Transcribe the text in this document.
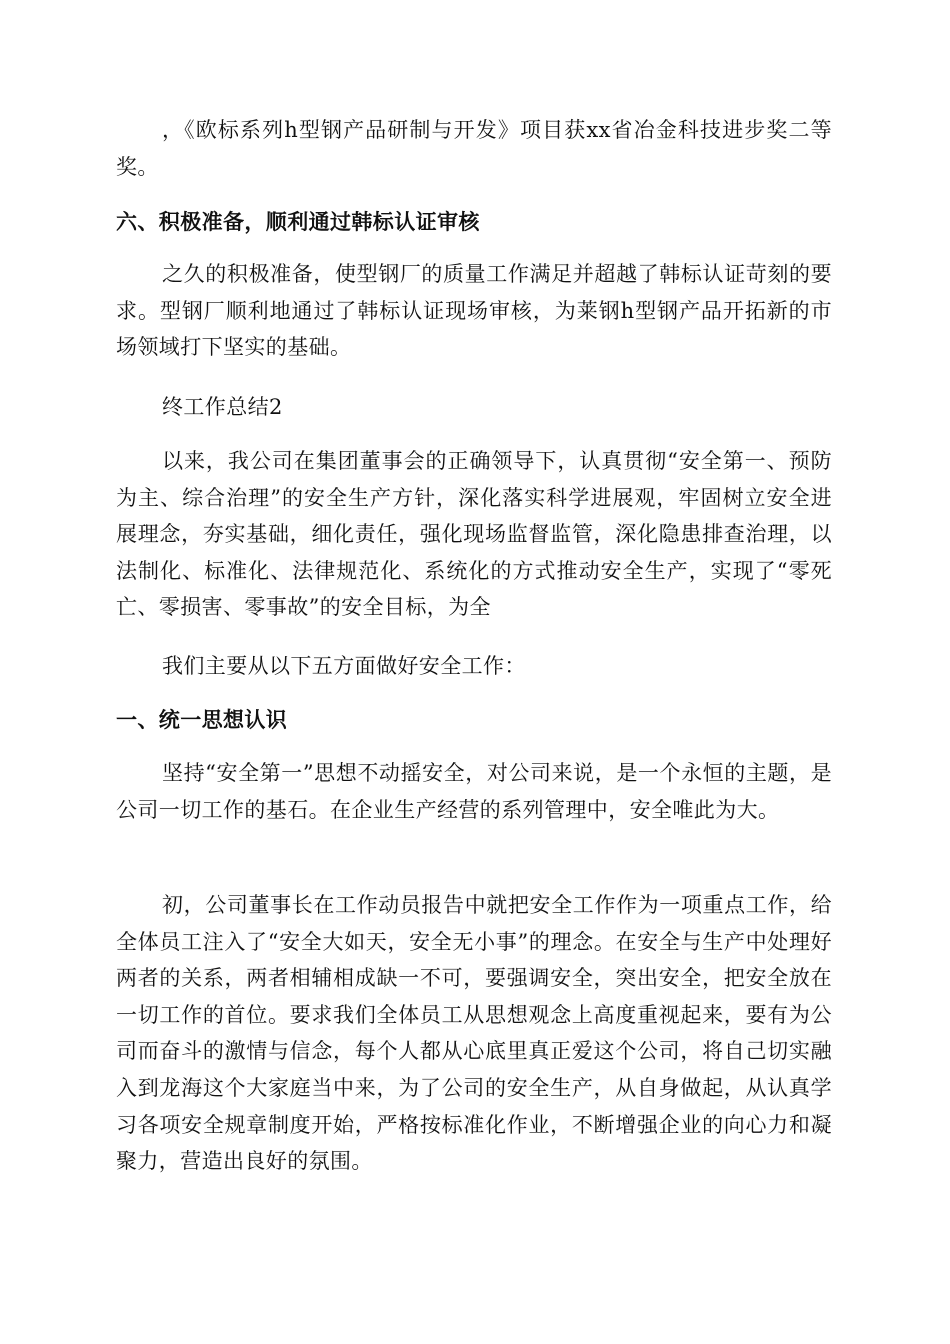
，《欧标系列h型钢产品研制与开发》项目获xx省冶金科技进步奖二等奖。

六、积极准备，顺利通过韩标认证审核

之久的积极准备，使型钢厂的质量工作满足并超越了韩标认证苛刻的要求。型钢厂顺利地通过了韩标认证现场审核，为莱钢h型钢产品开拓新的市场领域打下坚实的基础。

终工作总结2

以来，我公司在集团董事会的正确领导下，认真贯彻“安全第一、预防为主、综合治理”的安全生产方针，深化落实科学进展观，牢固树立安全进展理念，夯实基础，细化责任，强化现场监督监管，深化隐患排查治理，以法制化、标准化、法律规范化、系统化的方式推动安全生产，实现了“零死亡、零损害、零事故”的安全目标，为全

我们主要从以下五方面做好安全工作：

一、统一思想认识

坚持“安全第一”思想不动摇安全，对公司来说，是一个永恒的主题，是公司一切工作的基石。在企业生产经营的系列管理中，安全唯此为大。

初，公司董事长在工作动员报告中就把安全工作作为一项重点工作，给全体员工注入了“安全大如天，安全无小事”的理念。在安全与生产中处理好两者的关系，两者相辅相成缺一不可，要强调安全，突出安全，把安全放在一切工作的首位。要求我们全体员工从思想观念上高度重视起来，要有为公司而奋斗的激情与信念，每个人都从心底里真正爱这个公司，将自己切实融入到龙海这个大家庭当中来，为了公司的安全生产，从自身做起，从认真学习各项安全规章制度开始，严格按标准化作业，不断增强企业的向心力和凝聚力，营造出良好的氛围。
